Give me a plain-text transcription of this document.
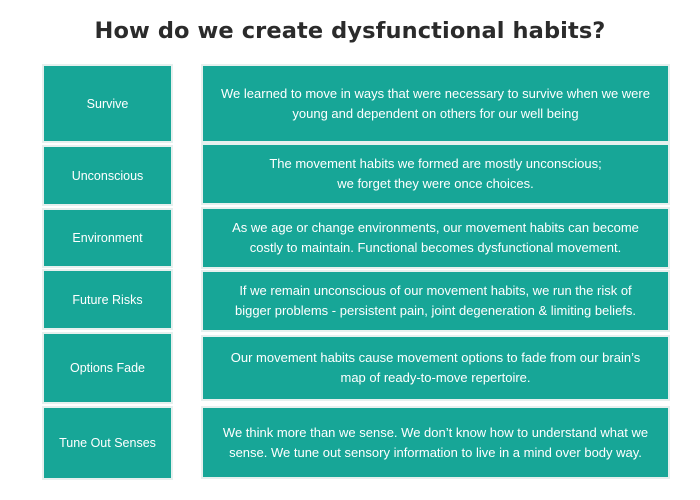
How do we create dysfunctional habits?
Survive
We learned to move in ways that were necessary to survive when we were
young and dependent on others for our well being
Unconscious
The movement habits we formed are mostly unconscious;
we forget they were once choices.
Environment
As we age or change environments, our movement habits can become
costly to maintain. Functional becomes dysfunctional movement.
Future Risks
If we remain unconscious of our movement habits, we run the risk of
bigger problems - persistent pain, joint degeneration & limiting beliefs.
Options Fade
Our movement habits cause movement options to fade from our brain’s
map of ready-to-move repertoire.
Tune Out Senses
We think more than we sense. We don’t know how to understand what we
sense. We tune out sensory information to live in a mind over body way.
